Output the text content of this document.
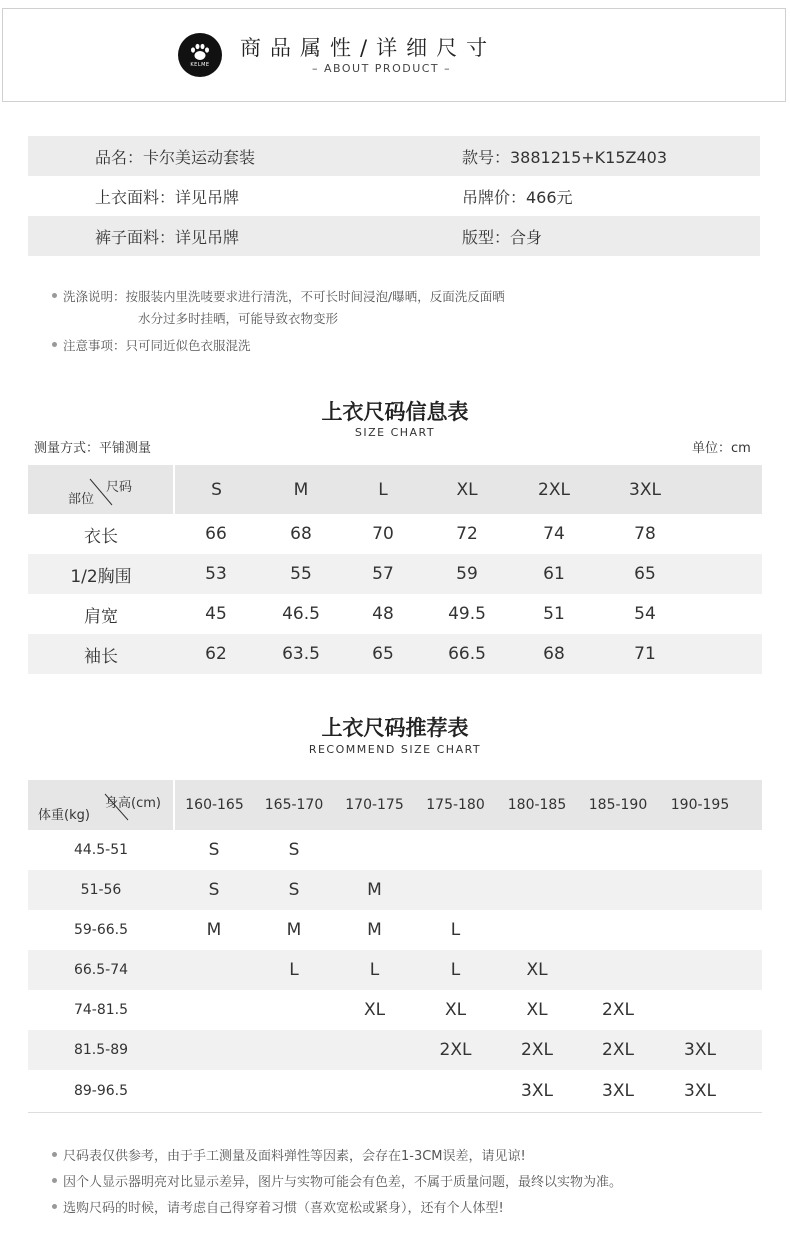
KELME
商品属性/详细尺寸
– ABOUT PRODUCT –
品名：卡尔美运动套装	款号：3881215+K15Z403
上衣面料：详见吊牌	吊牌价：466元
裤子面料：详见吊牌	版型：合身
洗涤说明：按服装内里洗唛要求进行清洗，不可长时间浸泡/曝晒，反面洗反面晒
水分过多时挂晒，可能导致衣物变形
注意事项：只可同近似色衣服混洗
上衣尺码信息表
SIZE CHART
测量方式：平铺测量	单位：cm
尺码
部位	S	M	L	XL	2XL	3XL	
衣长	66	68	70	72	74	78	
1/2胸围	53	55	57	59	61	65	
肩宽	45	46.5	48	49.5	51	54	
袖长	62	63.5	65	66.5	68	71	
上衣尺码推荐表
RECOMMEND SIZE CHART
身高(cm)
体重(kg)	160-165	165-170	170-175	175-180	180-185	185-190	190-195	
44.5-51	S	S						
51-56	S	S	M					
59-66.5	M	M	M	L				
66.5-74		L	L	L	XL			
74-81.5			XL	XL	XL	2XL		
81.5-89				2XL	2XL	2XL	3XL	
89-96.5					3XL	3XL	3XL	
尺码表仅供参考，由于手工测量及面料弹性等因素，会存在1-3CM误差，请见谅!
因个人显示器明亮对比显示差异，图片与实物可能会有色差，不属于质量问题，最终以实物为准。
选购尺码的时候，请考虑自己得穿着习惯（喜欢宽松或紧身），还有个人体型!
